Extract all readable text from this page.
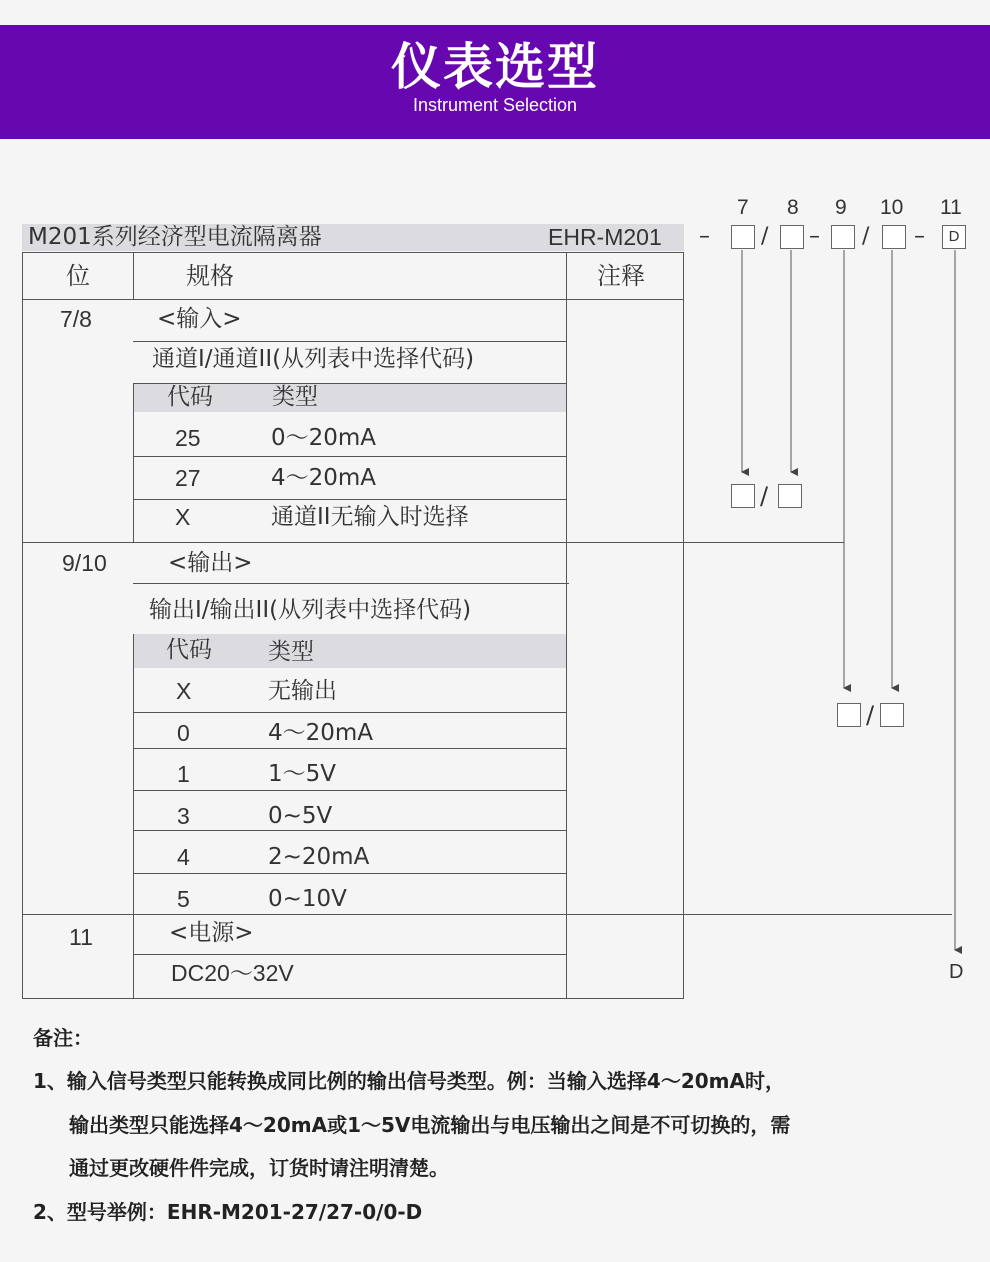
仪表选型
Instrument Selection
M201系列经济型电流隔离器	EHR-M201
7 8 9 10 11
– / – / –	D
位	规格	注释
7/8	<输入>
通道I/通道II(从列表中选择代码)
代码	类型
25	0～20mA
27	4～20mA
X	通道II无输入时选择
9/10	<输出>
输出I/输出II(从列表中选择代码)
代码 类型
X	无输出
0	4～20mA
1	1～5V
3	0~5V
4	2~20mA
5	0~10V
11	<电源>
DC20～32V
/
/
D
备注：
1、输入信号类型只能转换成同比例的输出信号类型。例：当输入选择4～20mA时，
输出类型只能选择4～20mA或1～5V电流输出与电压输出之间是不可切换的，需
通过更改硬件件完成，订货时请注明清楚。
2、型号举例：EHR-M201-27/27-0/0-D
